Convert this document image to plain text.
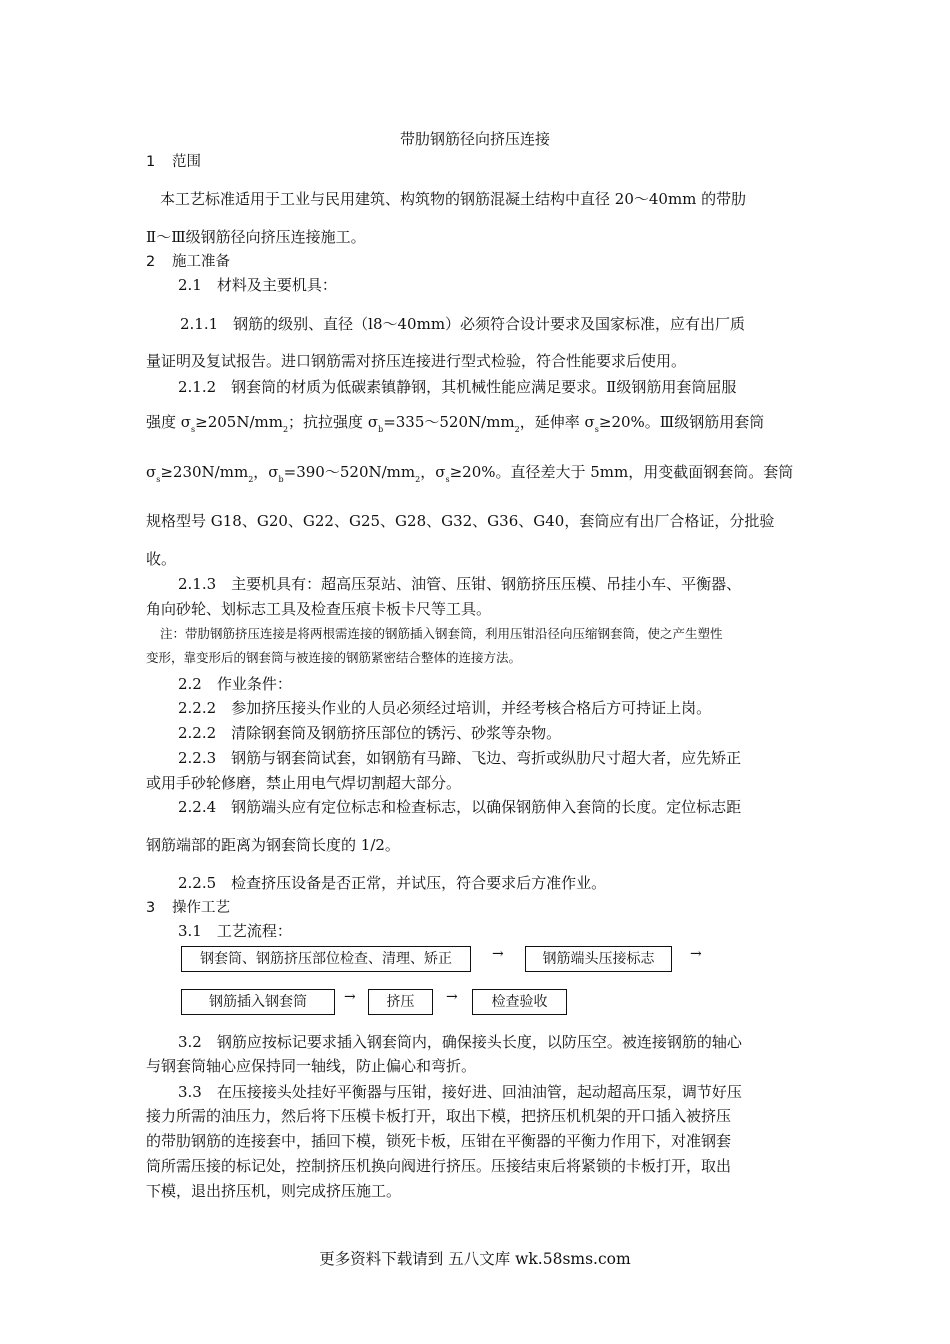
带肋钢筋径向挤压连接
1 范围
本工艺标准适用于工业与民用建筑、构筑物的钢筋混凝土结构中直径 20～40mm 的带肋
Ⅱ～Ⅲ级钢筋径向挤压连接施工。
2 施工准备
2.1　材料及主要机具：
2.1.1　钢筋的级别、直径（l8～40mm）必须符合设计要求及国家标准，应有出厂质
量证明及复试报告。进口钢筋需对挤压连接进行型式检验，符合性能要求后使用。
2.1.2　钢套筒的材质为低碳素镇静钢，其机械性能应满足要求。Ⅱ级钢筋用套筒屈服
强度 $\sigma_s\ge 205N/mm_2$；抗拉强度 $\sigma_b=335\sim 520N/mm_2$，延伸率 $\sigma_s\ge 20\%$。Ⅲ级钢筋用套筒
$\sigma_s\ge 230N/mm_2$，$\sigma_b=390\sim 520N/mm_2$，$\sigma_s\ge 20\%$。直径差大于 5mm，用变截面钢套筒。套筒
规格型号 G18、G20、G22、G25、G28、G32、G36、G40，套筒应有出厂合格证，分批验
收。
2.1.3　主要机具有：超高压泵站、油管、压钳、钢筋挤压压模、吊挂小车、平衡器、
角向砂轮、划标志工具及检查压痕卡板卡尺等工具。
注：带肋钢筋挤压连接是将两根需连接的钢筋插入钢套筒，利用压钳沿径向压缩钢套筒，使之产生塑性
变形，靠变形后的钢套筒与被连接的钢筋紧密结合整体的连接方法。
2.2　作业条件：
2.2.2　参加挤压接头作业的人员必须经过培训，并经考核合格后方可持证上岗。
2.2.2　清除钢套筒及钢筋挤压部位的锈污、砂浆等杂物。
2.2.3　钢筋与钢套筒试套，如钢筋有马蹄、飞边、弯折或纵肋尺寸超大者，应先矫正
或用手砂轮修磨，禁止用电气焊切割超大部分。
2.2.4　钢筋端头应有定位标志和检查标志，以确保钢筋伸入套筒的长度。定位标志距
钢筋端部的距离为钢套筒长度的 1/2。
2.2.5　检查挤压设备是否正常，并试压，符合要求后方准作业。
3 操作工艺
3.1　工艺流程：
钢套筒、钢筋挤压部位检查、清理、矫正	→	钢筋端头压接标志	→
钢筋插入钢套筒	→	挤压	→	检查验收
3.2　钢筋应按标记要求插入钢套筒内，确保接头长度，以防压空。被连接钢筋的轴心
与钢套筒轴心应保持同一轴线，防止偏心和弯折。
3.3　在压接接头处挂好平衡器与压钳，接好进、回油油管，起动超高压泵，调节好压
接力所需的油压力，然后将下压模卡板打开，取出下模，把挤压机机架的开口插入被挤压
的带肋钢筋的连接套中，插回下模，锁死卡板，压钳在平衡器的平衡力作用下，对准钢套
筒所需压接的标记处，控制挤压机换向阀进行挤压。压接结束后将紧锁的卡板打开，取出
下模，退出挤压机，则完成挤压施工。
更多资料下载请到 五八文库 wk.58sms.com
